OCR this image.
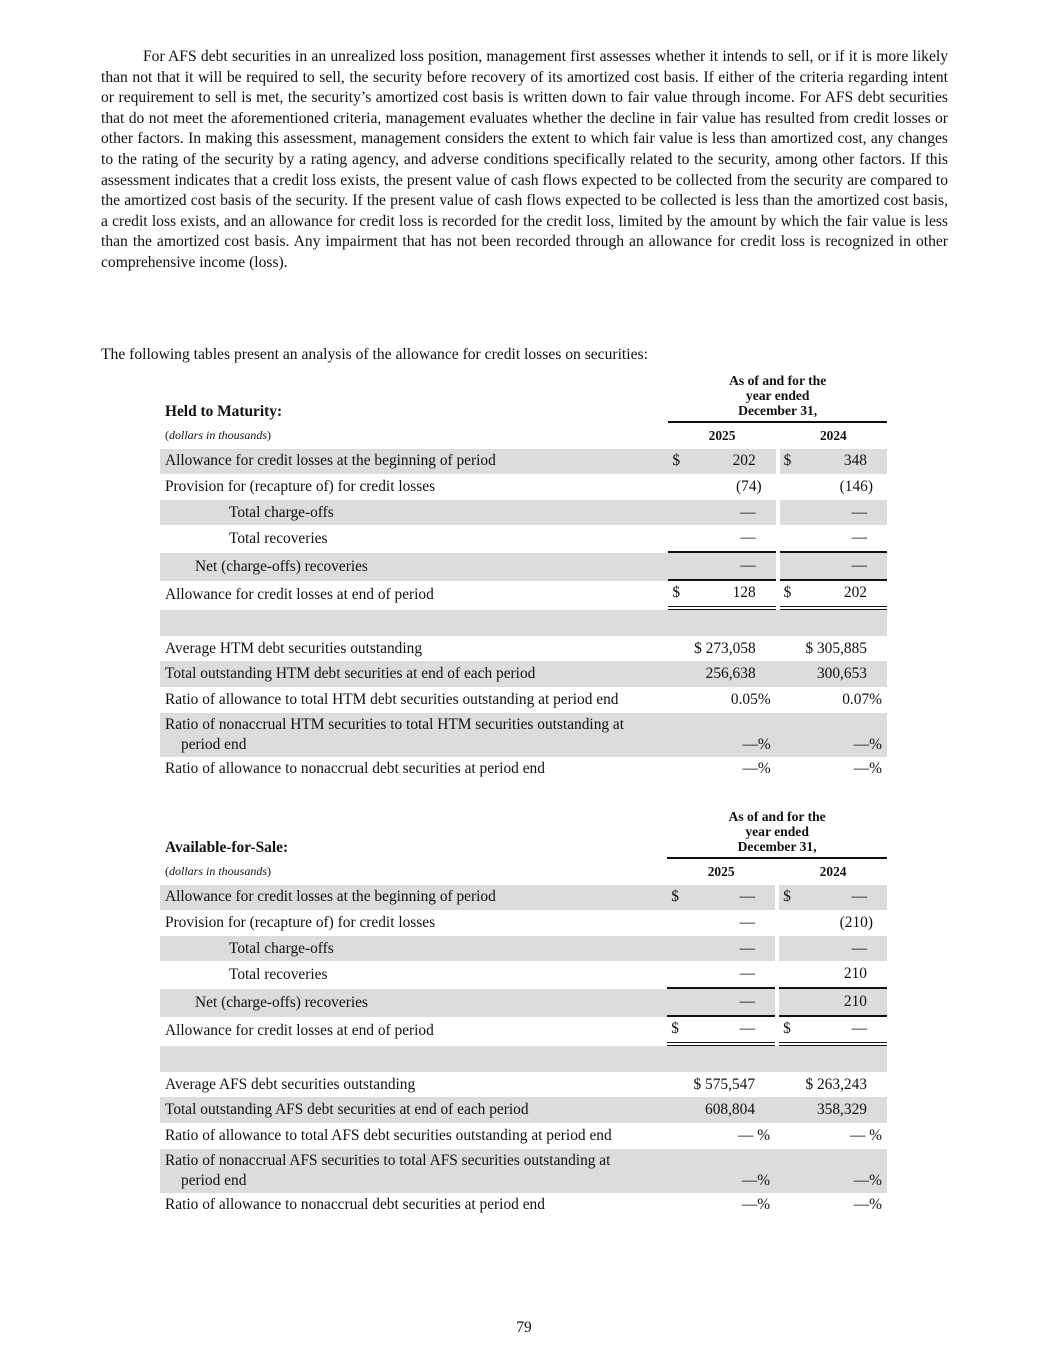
For AFS debt securities in an unrealized loss position, management first assesses whether it intends to sell, or if it is more likely than not that it will be required to sell, the security before recovery of its amortized cost basis. If either of the criteria regarding intent or requirement to sell is met, the security’s amortized cost basis is written down to fair value through income. For AFS debt securities that do not meet the aforementioned criteria, management evaluates whether the decline in fair value has resulted from credit losses or other factors. In making this assessment, management considers the extent to which fair value is less than amortized cost, any changes to the rating of the security by a rating agency, and adverse conditions specifically related to the security, among other factors. If this assessment indicates that a credit loss exists, the present value of cash flows expected to be collected from the security are compared to the amortized cost basis of the security. If the present value of cash flows expected to be collected is less than the amortized cost basis, a credit loss exists, and an allowance for credit loss is recorded for the credit loss, limited by the amount by which the fair value is less than the amortized cost basis. Any impairment that has not been recorded through an allowance for credit loss is recognized in other comprehensive income (loss).

The following tables present an analysis of the allowance for credit losses on securities:

Held to Maturity:	As of and for the
year ended
December 31,				

(dollars in thousands)	2025			2024	
Allowance for credit losses at the beginning of period	$	202		$	348
Provision for (recapture of) for credit losses		(74)			(146)
Total charge-offs		—			—
Total recoveries		—			—
Net (charge-offs) recoveries		—			—
Allowance for credit losses at end of period	$	128		$	202

Average HTM debt securities outstanding	$ 273,058			$ 305,885	
Total outstanding HTM debt securities at end of each period	256,638			300,653	
Ratio of allowance to total HTM debt securities outstanding at period end	0.05%			0.07%	
Ratio of nonaccrual HTM securities to total HTM securities outstanding at
period end	—%			—%	
Ratio of allowance to nonaccrual debt securities at period end	—%			—%	
Available-for-Sale:	As of and for the
year ended
December 31,				

(dollars in thousands)	2025			2024	
Allowance for credit losses at the beginning of period	$	—		$	—
Provision for (recapture of) for credit losses		—			(210)
Total charge-offs		—			—
Total recoveries		—			210
Net (charge-offs) recoveries		—			210
Allowance for credit losses at end of period	$	—		$	—

Average AFS debt securities outstanding	$ 575,547			$ 263,243	
Total outstanding AFS debt securities at end of each period	608,804			358,329	
Ratio of allowance to total AFS debt securities outstanding at period end	— %			— %	
Ratio of nonaccrual AFS securities to total AFS securities outstanding at
period end	—%			—%	
Ratio of allowance to nonaccrual debt securities at period end	—%			—%	
79
